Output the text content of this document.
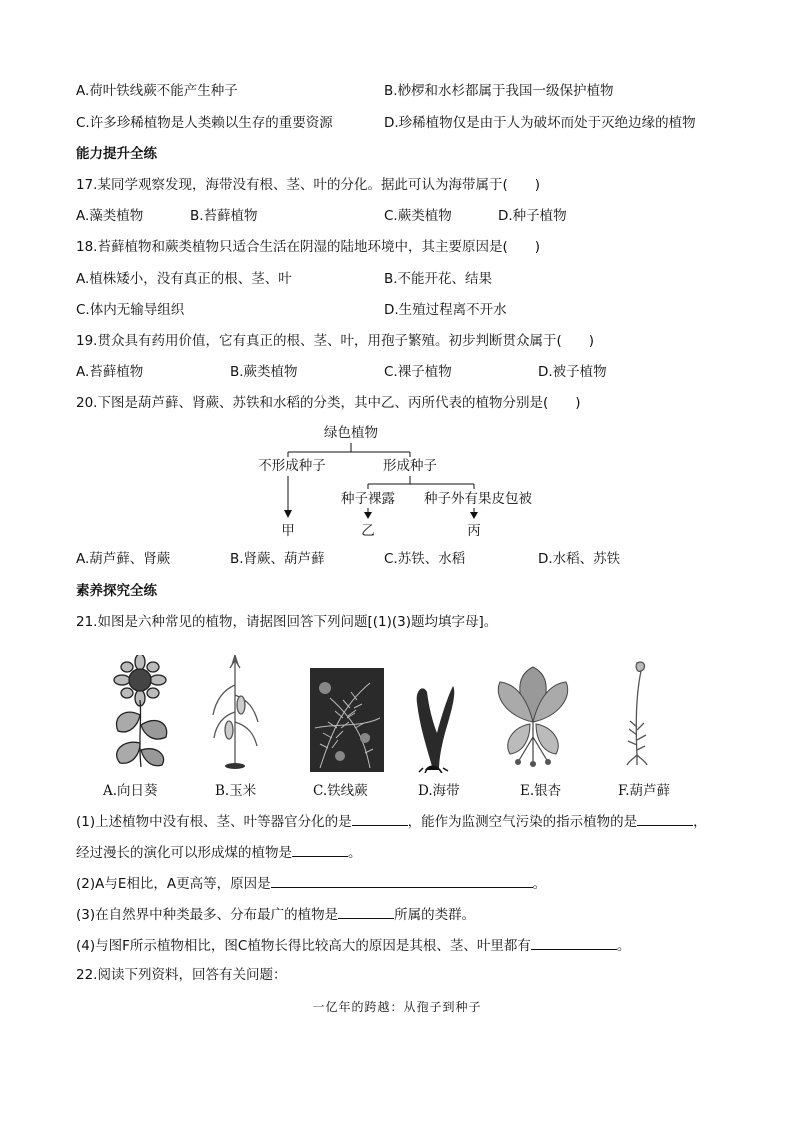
A.荷叶铁线蕨不能产生种子	B.桫椤和水杉都属于我国一级保护植物
C.许多珍稀植物是人类赖以生存的重要资源	D.珍稀植物仅是由于人为破坏而处于灭绝边缘的植物
能力提升全练
17.某同学观察发现，海带没有根、茎、叶的分化。据此可认为海带属于(　　)
A.藻类植物	B.苔藓植物	C.蕨类植物	D.种子植物
18.苔藓植物和蕨类植物只适合生活在阴湿的陆地环境中，其主要原因是(　　)
A.植株矮小，没有真正的根、茎、叶	B.不能开花、结果
C.体内无输导组织	D.生殖过程离不开水
19.贯众具有药用价值，它有真正的根、茎、叶，用孢子繁殖。初步判断贯众属于(　　)
A.苔藓植物	B.蕨类植物	C.裸子植物	D.被子植物
20.下图是葫芦藓、肾蕨、苏铁和水稻的分类，其中乙、丙所代表的植物分别是(　　)
绿色植物
不形成种子	形成种子
种子裸露 种子外有果皮包被
甲	乙	丙
A.葫芦藓、肾蕨	B.肾蕨、葫芦藓	C.苏铁、水稻	D.水稻、苏铁
素养探究全练
21.如图是六种常见的植物，请据图回答下列问题[(1)(3)题均填字母]。
A.向日葵	B.玉米	C.铁线蕨	D.海带	E.银杏	F.葫芦藓
(1)上述植物中没有根、茎、叶等器官分化的是	，能作为监测空气污染的指示植物的是	，
经过漫长的演化可以形成煤的植物是	。
(2)A与E相比，A更高等，原因是	。
(3)在自然界中种类最多、分布最广的植物是	所属的类群。
(4)与图F所示植物相比，图C植物长得比较高大的原因是其根、茎、叶里都有	。
22.阅读下列资料，回答有关问题：
一亿年的跨越：从孢子到种子
